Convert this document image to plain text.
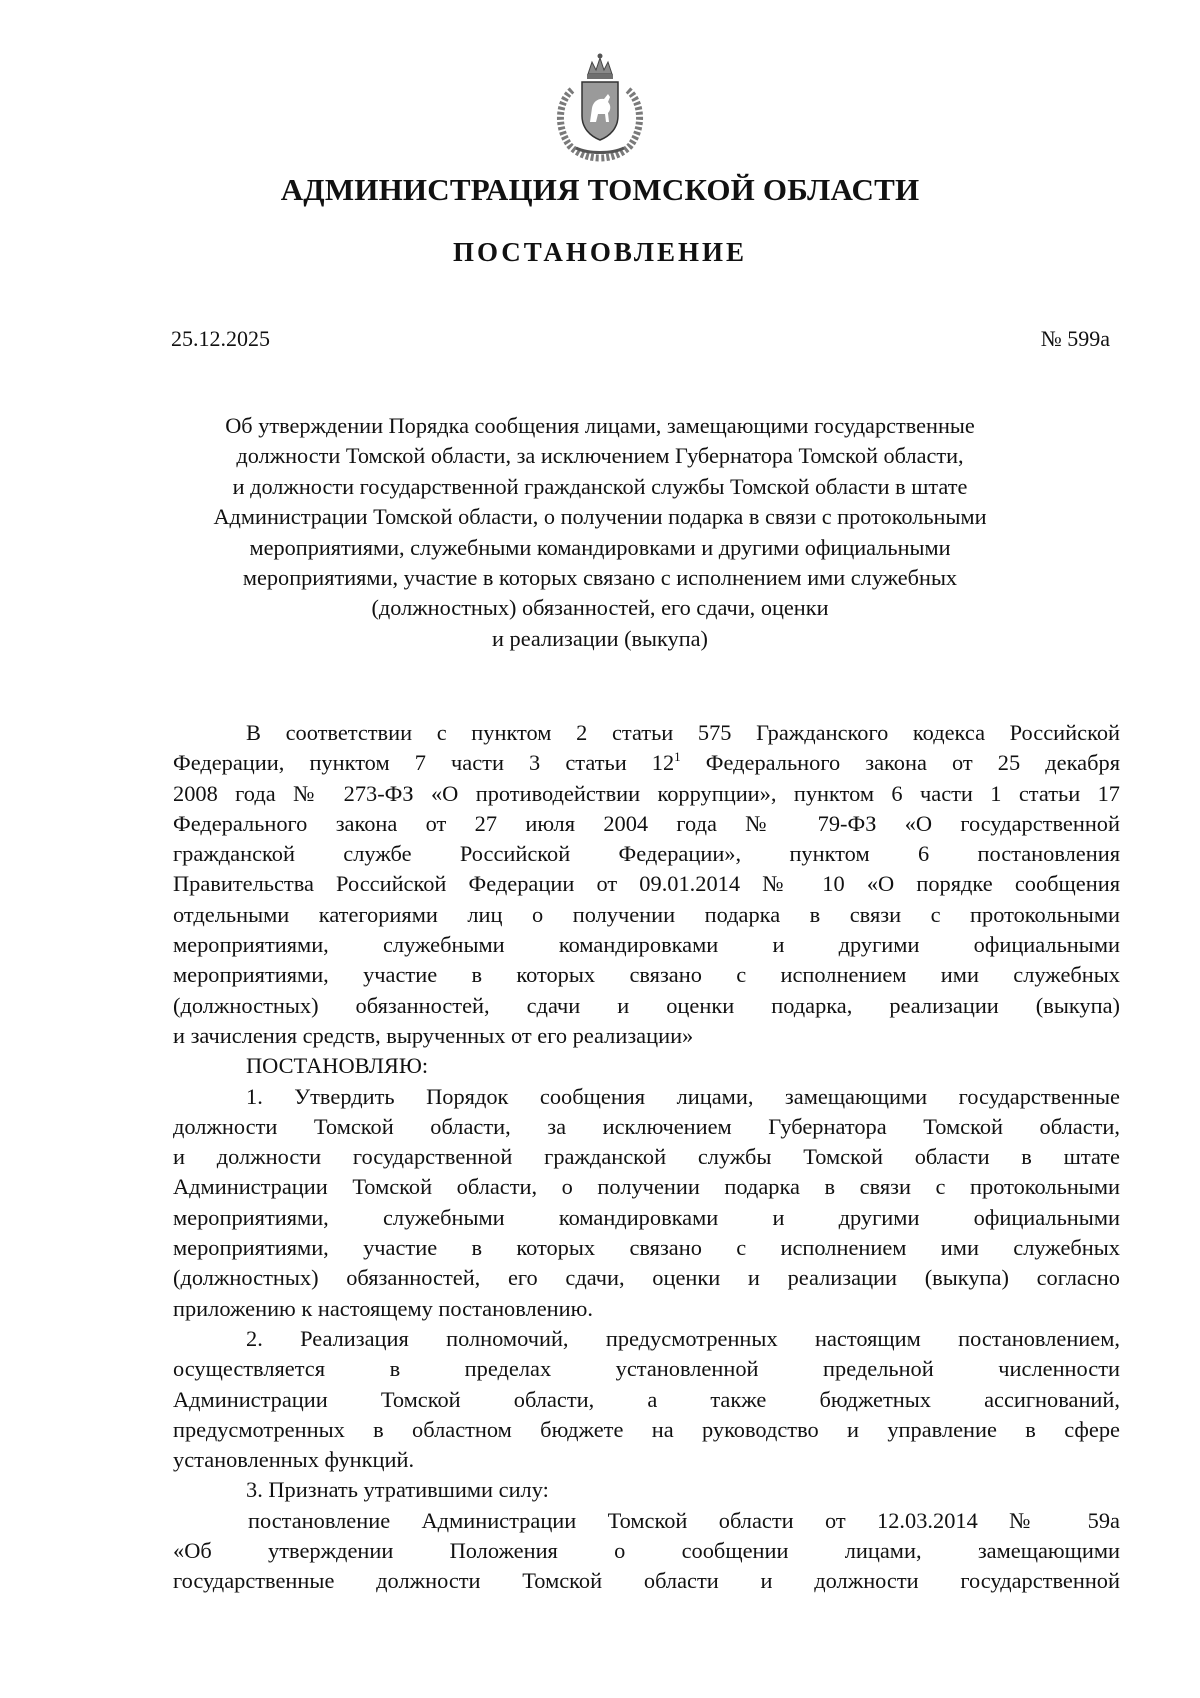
АДМИНИСТРАЦИЯ ТОМСКОЙ ОБЛАСТИ
ПОСТАНОВЛЕНИЕ
25.12.2025	№ 599а
Об утверждении Порядка сообщения лицами, замещающими государственные
должности Томской области, за исключением Губернатора Томской области,
и должности государственной гражданской службы Томской области в штате
Администрации Томской области, о получении подарка в связи с протокольными
мероприятиями, служебными командировками и другими официальными
мероприятиями, участие в которых связано с исполнением ими служебных
(должностных) обязанностей, его сдачи, оценки
и реализации (выкупа)
В соответствии с пунктом 2 статьи 575 Гражданского кодекса Российской
Федерации, пунктом 7 части 3 статьи $12^1$ Федерального закона от 25 декабря
2008 года № 273-ФЗ «О противодействии коррупции», пунктом 6 части 1 статьи 17
Федерального закона от 27 июля 2004 года № 79-ФЗ «О государственной
гражданской службе Российской Федерации», пунктом 6 постановления
Правительства Российской Федерации от 09.01.2014 № 10 «О порядке сообщения
отдельными категориями лиц о получении подарка в связи с протокольными
мероприятиями, служебными командировками и другими официальными
мероприятиями, участие в которых связано с исполнением ими служебных
(должностных) обязанностей, сдачи и оценки подарка, реализации (выкупа)
и зачисления средств, вырученных от его реализации»
ПОСТАНОВЛЯЮ:
1. Утвердить Порядок сообщения лицами, замещающими государственные
должности Томской области, за исключением Губернатора Томской области,
и должности государственной гражданской службы Томской области в штате
Администрации Томской области, о получении подарка в связи с протокольными
мероприятиями, служебными командировками и другими официальными
мероприятиями, участие в которых связано с исполнением ими служебных
(должностных) обязанностей, его сдачи, оценки и реализации (выкупа) согласно
приложению к настоящему постановлению.
2. Реализация полномочий, предусмотренных настоящим постановлением,
осуществляется в пределах установленной предельной численности
Администрации Томской области, а также бюджетных ассигнований,
предусмотренных в областном бюджете на руководство и управление в сфере
установленных функций.
3. Признать утратившими силу:
постановление Администрации Томской области от 12.03.2014 № 59а
«Об утверждении Положения о сообщении лицами, замещающими
государственные должности Томской области и должности государственной
